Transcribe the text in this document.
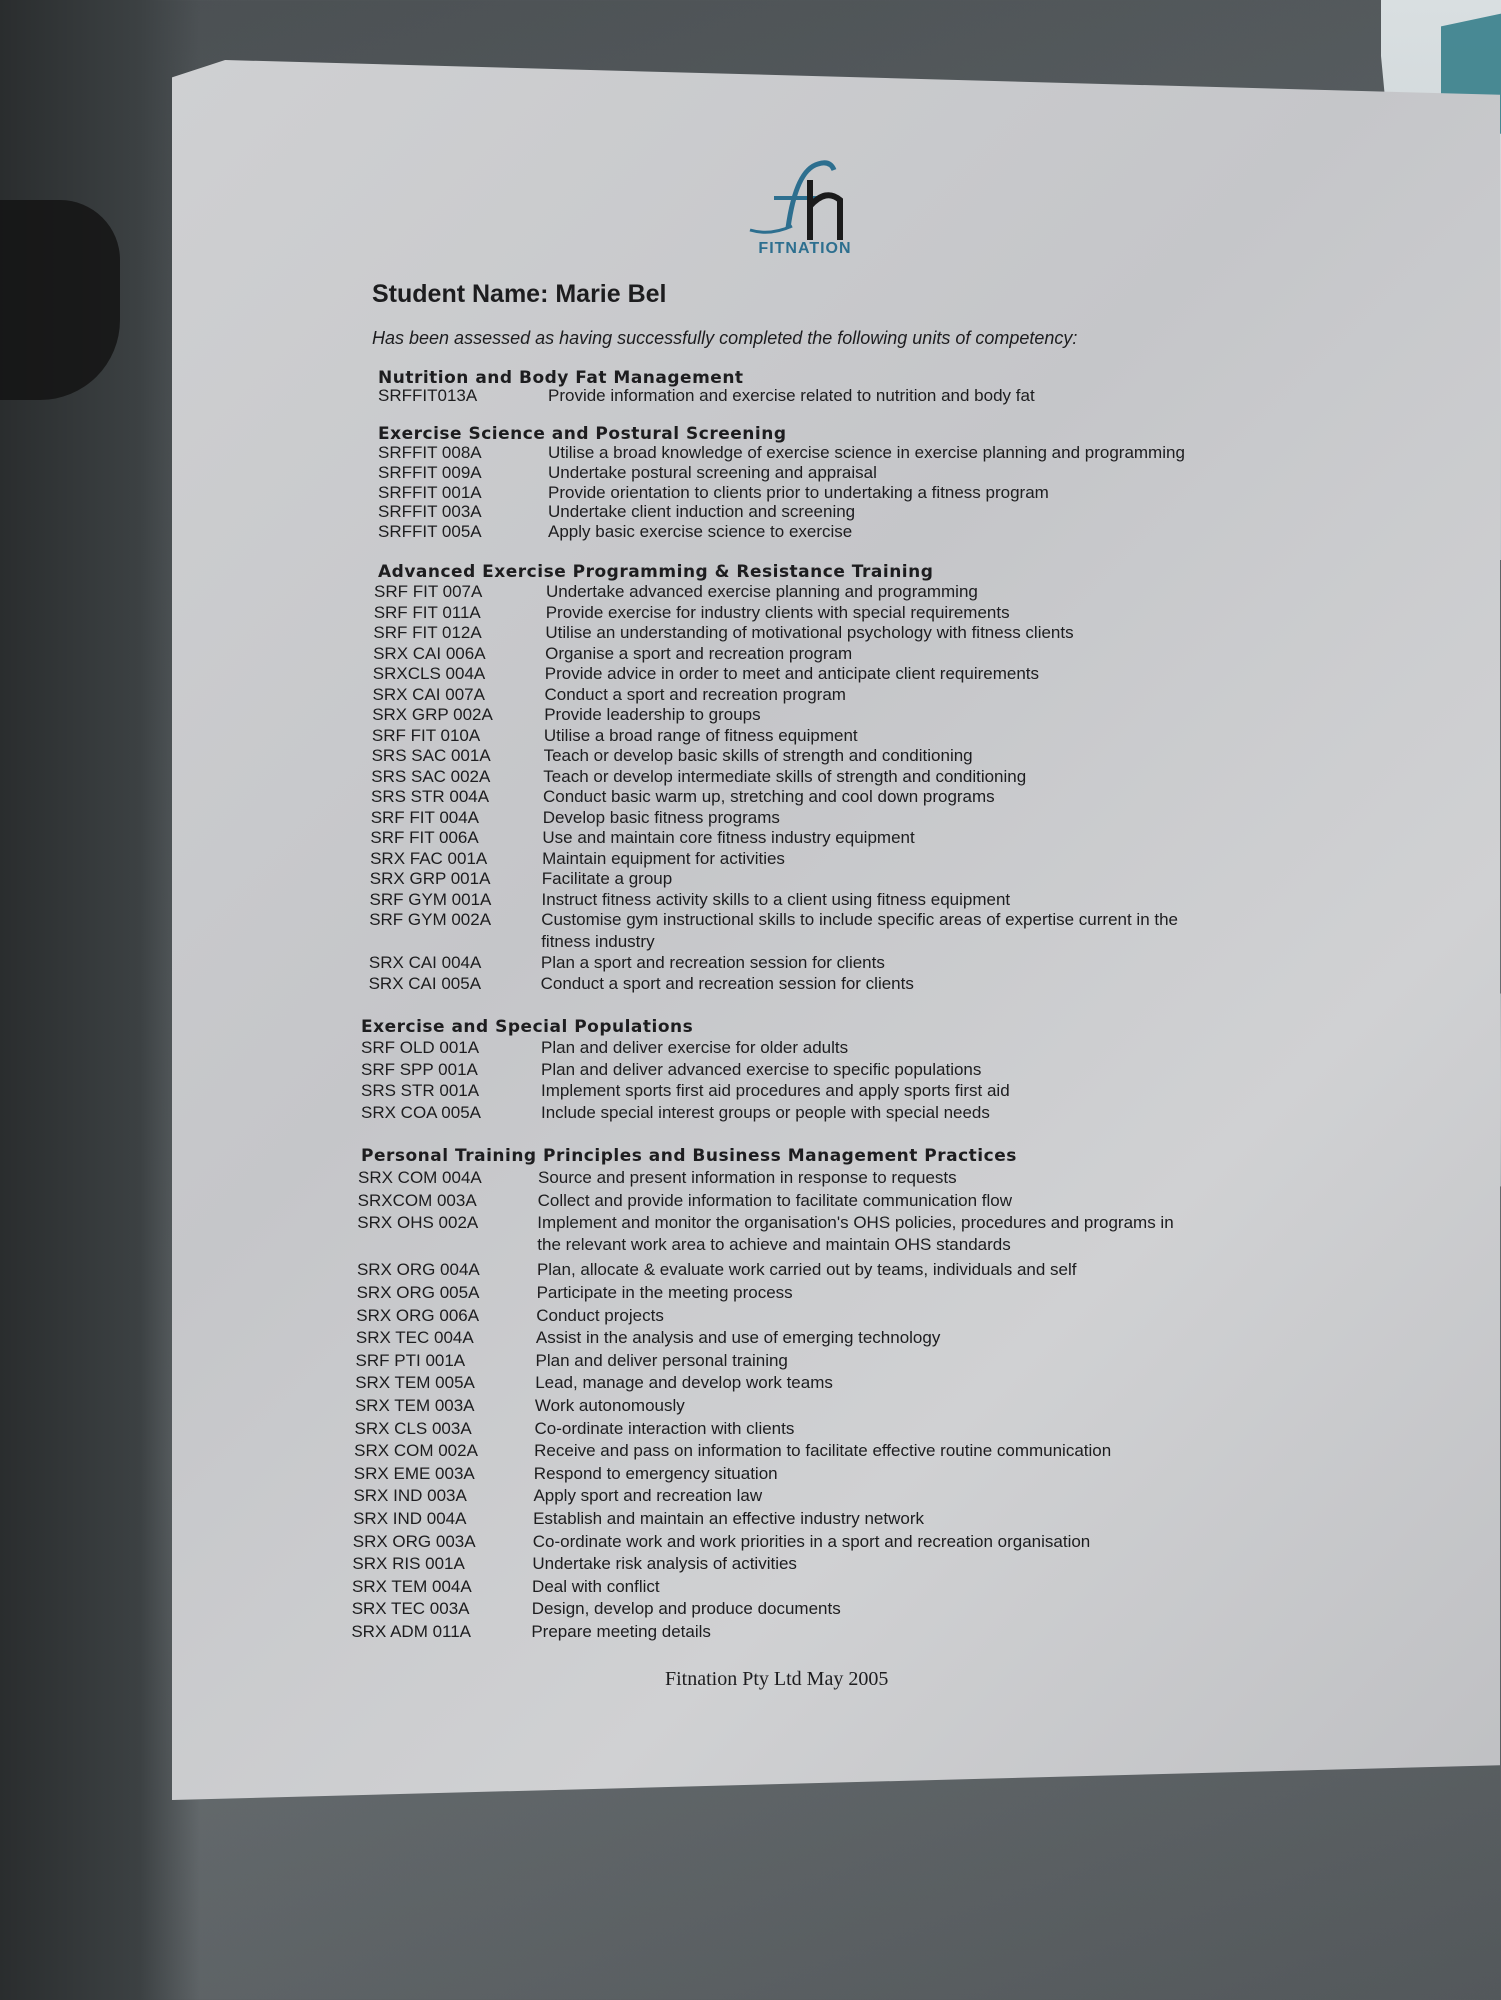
FITNATION
Student Name: Marie Bel
Has been assessed as having successfully completed the following units of competency:
Fitnation Pty Ltd May 2005
Nutrition and Body Fat Management
SRFFIT013A	Provide information and exercise related to nutrition and body fat
Exercise Science and Postural Screening
SRFFIT 008A	Utilise a broad knowledge of exercise science in exercise planning and programming
SRFFIT 009A	Undertake postural screening and appraisal
SRFFIT 001A	Provide orientation to clients prior to undertaking a fitness program
SRFFIT 003A	Undertake client induction and screening
SRFFIT 005A	Apply basic exercise science to exercise
Advanced Exercise Programming & Resistance Training
SRF FIT 007A	Undertake advanced exercise planning and programming
SRF FIT 011A	Provide exercise for industry clients with special requirements
SRF FIT 012A	Utilise an understanding of motivational psychology with fitness clients
SRX CAI 006A	Organise a sport and recreation program
SRXCLS 004A	Provide advice in order to meet and anticipate client requirements
SRX CAI 007A	Conduct a sport and recreation program
SRX GRP 002A	Provide leadership to groups
SRF FIT 010A	Utilise a broad range of fitness equipment
SRS SAC 001A	Teach or develop basic skills of strength and conditioning
SRS SAC 002A	Teach or develop intermediate skills of strength and conditioning
SRS STR 004A	Conduct basic warm up, stretching and cool down programs
SRF FIT 004A	Develop basic fitness programs
SRF FIT 006A	Use and maintain core fitness industry equipment
SRX FAC 001A	Maintain equipment for activities
SRX GRP 001A	Facilitate a group
SRF GYM 001A	Instruct fitness activity skills to a client using fitness equipment
SRF GYM 002A	Customise gym instructional skills to include specific areas of expertise current in the
fitness industry
SRX CAI 004A	Plan a sport and recreation session for clients
SRX CAI 005A	Conduct a sport and recreation session for clients
Exercise and Special Populations
SRF OLD 001A	Plan and deliver exercise for older adults
SRF SPP 001A	Plan and deliver advanced exercise to specific populations
SRS STR 001A	Implement sports first aid procedures and apply sports first aid
SRX COA 005A	Include special interest groups or people with special needs
Personal Training Principles and Business Management Practices
SRX COM 004A	Source and present information in response to requests
SRXCOM 003A	Collect and provide information to facilitate communication flow
SRX OHS 002A	Implement and monitor the organisation's OHS policies, procedures and programs in
the relevant work area to achieve and maintain OHS standards
SRX ORG 004A	Plan, allocate & evaluate work carried out by teams, individuals and self
SRX ORG 005A	Participate in the meeting process
SRX ORG 006A	Conduct projects
SRX TEC 004A	Assist in the analysis and use of emerging technology
SRF PTI 001A	Plan and deliver personal training
SRX TEM 005A	Lead, manage and develop work teams
SRX TEM 003A	Work autonomously
SRX CLS 003A	Co-ordinate interaction with clients
SRX COM 002A	Receive and pass on information to facilitate effective routine communication
SRX EME 003A	Respond to emergency situation
SRX IND 003A	Apply sport and recreation law
SRX IND 004A	Establish and maintain an effective industry network
SRX ORG 003A	Co-ordinate work and work priorities in a sport and recreation organisation
SRX RIS 001A	Undertake risk analysis of activities
SRX TEM 004A	Deal with conflict
SRX TEC 003A	Design, develop and produce documents
SRX ADM 011A	Prepare meeting details
